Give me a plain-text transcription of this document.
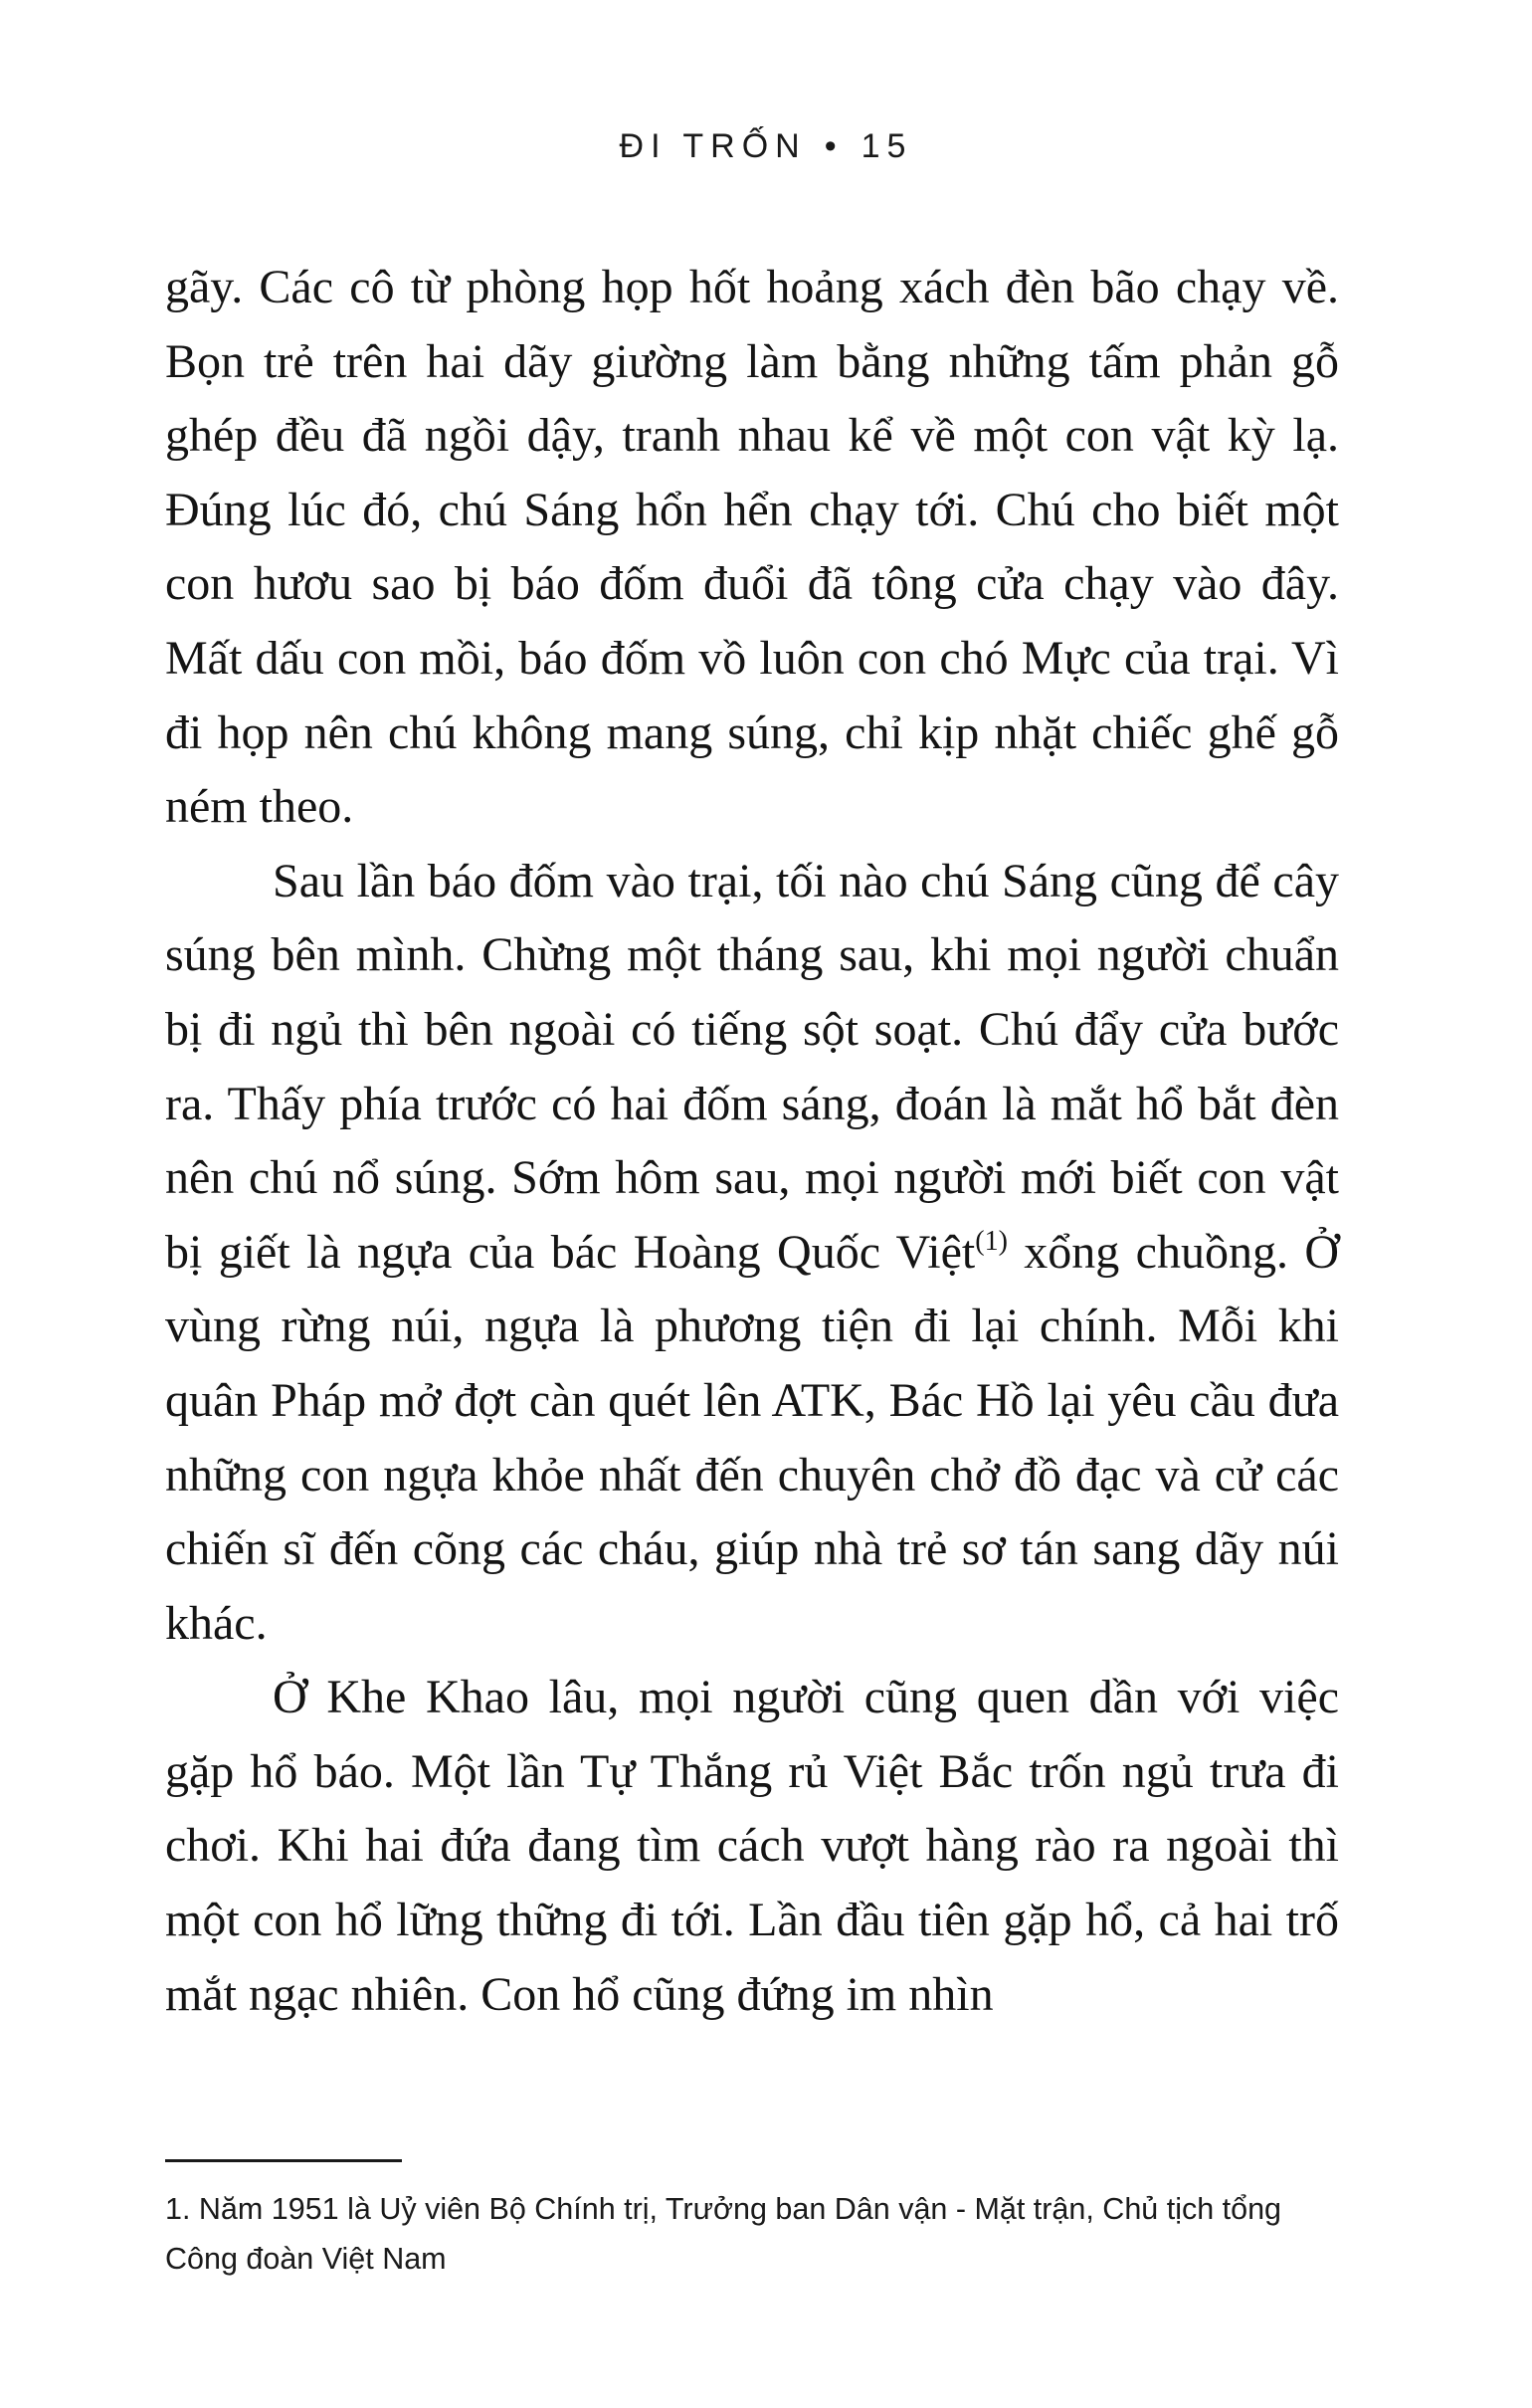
ĐI TRỐN • 15

gãy. Các cô từ phòng họp hốt hoảng xách đèn bão chạy về. Bọn trẻ trên hai dãy giường làm bằng những tấm phản gỗ ghép đều đã ngồi dậy, tranh nhau kể về một con vật kỳ lạ. Đúng lúc đó, chú Sáng hổn hển chạy tới. Chú cho biết một con hươu sao bị báo đốm đuổi đã tông cửa chạy vào đây. Mất dấu con mồi, báo đốm vồ luôn con chó Mực của trại. Vì đi họp nên chú không mang súng, chỉ kịp nhặt chiếc ghế gỗ ném theo.

Sau lần báo đốm vào trại, tối nào chú Sáng cũng để cây súng bên mình. Chừng một tháng sau, khi mọi người chuẩn bị đi ngủ thì bên ngoài có tiếng sột soạt. Chú đẩy cửa bước ra. Thấy phía trước có hai đốm sáng, đoán là mắt hổ bắt đèn nên chú nổ súng. Sớm hôm sau, mọi người mới biết con vật bị giết là ngựa của bác Hoàng Quốc Việt$^{(1)}$ xổng chuồng. Ở vùng rừng núi, ngựa là phương tiện đi lại chính. Mỗi khi quân Pháp mở đợt càn quét lên ATK, Bác Hồ lại yêu cầu đưa những con ngựa khỏe nhất đến chuyên chở đồ đạc và cử các chiến sĩ đến cõng các cháu, giúp nhà trẻ sơ tán sang dãy núi khác.

Ở Khe Khao lâu, mọi người cũng quen dần với việc gặp hổ báo. Một lần Tự Thắng rủ Việt Bắc trốn ngủ trưa đi chơi. Khi hai đứa đang tìm cách vượt hàng rào ra ngoài thì một con hổ lững thững đi tới. Lần đầu tiên gặp hổ, cả hai trố mắt ngạc nhiên. Con hổ cũng đứng im nhìn

1. Năm 1951 là Uỷ viên Bộ Chính trị, Trưởng ban Dân vận - Mặt trận, Chủ tịch tổng Công đoàn Việt Nam
